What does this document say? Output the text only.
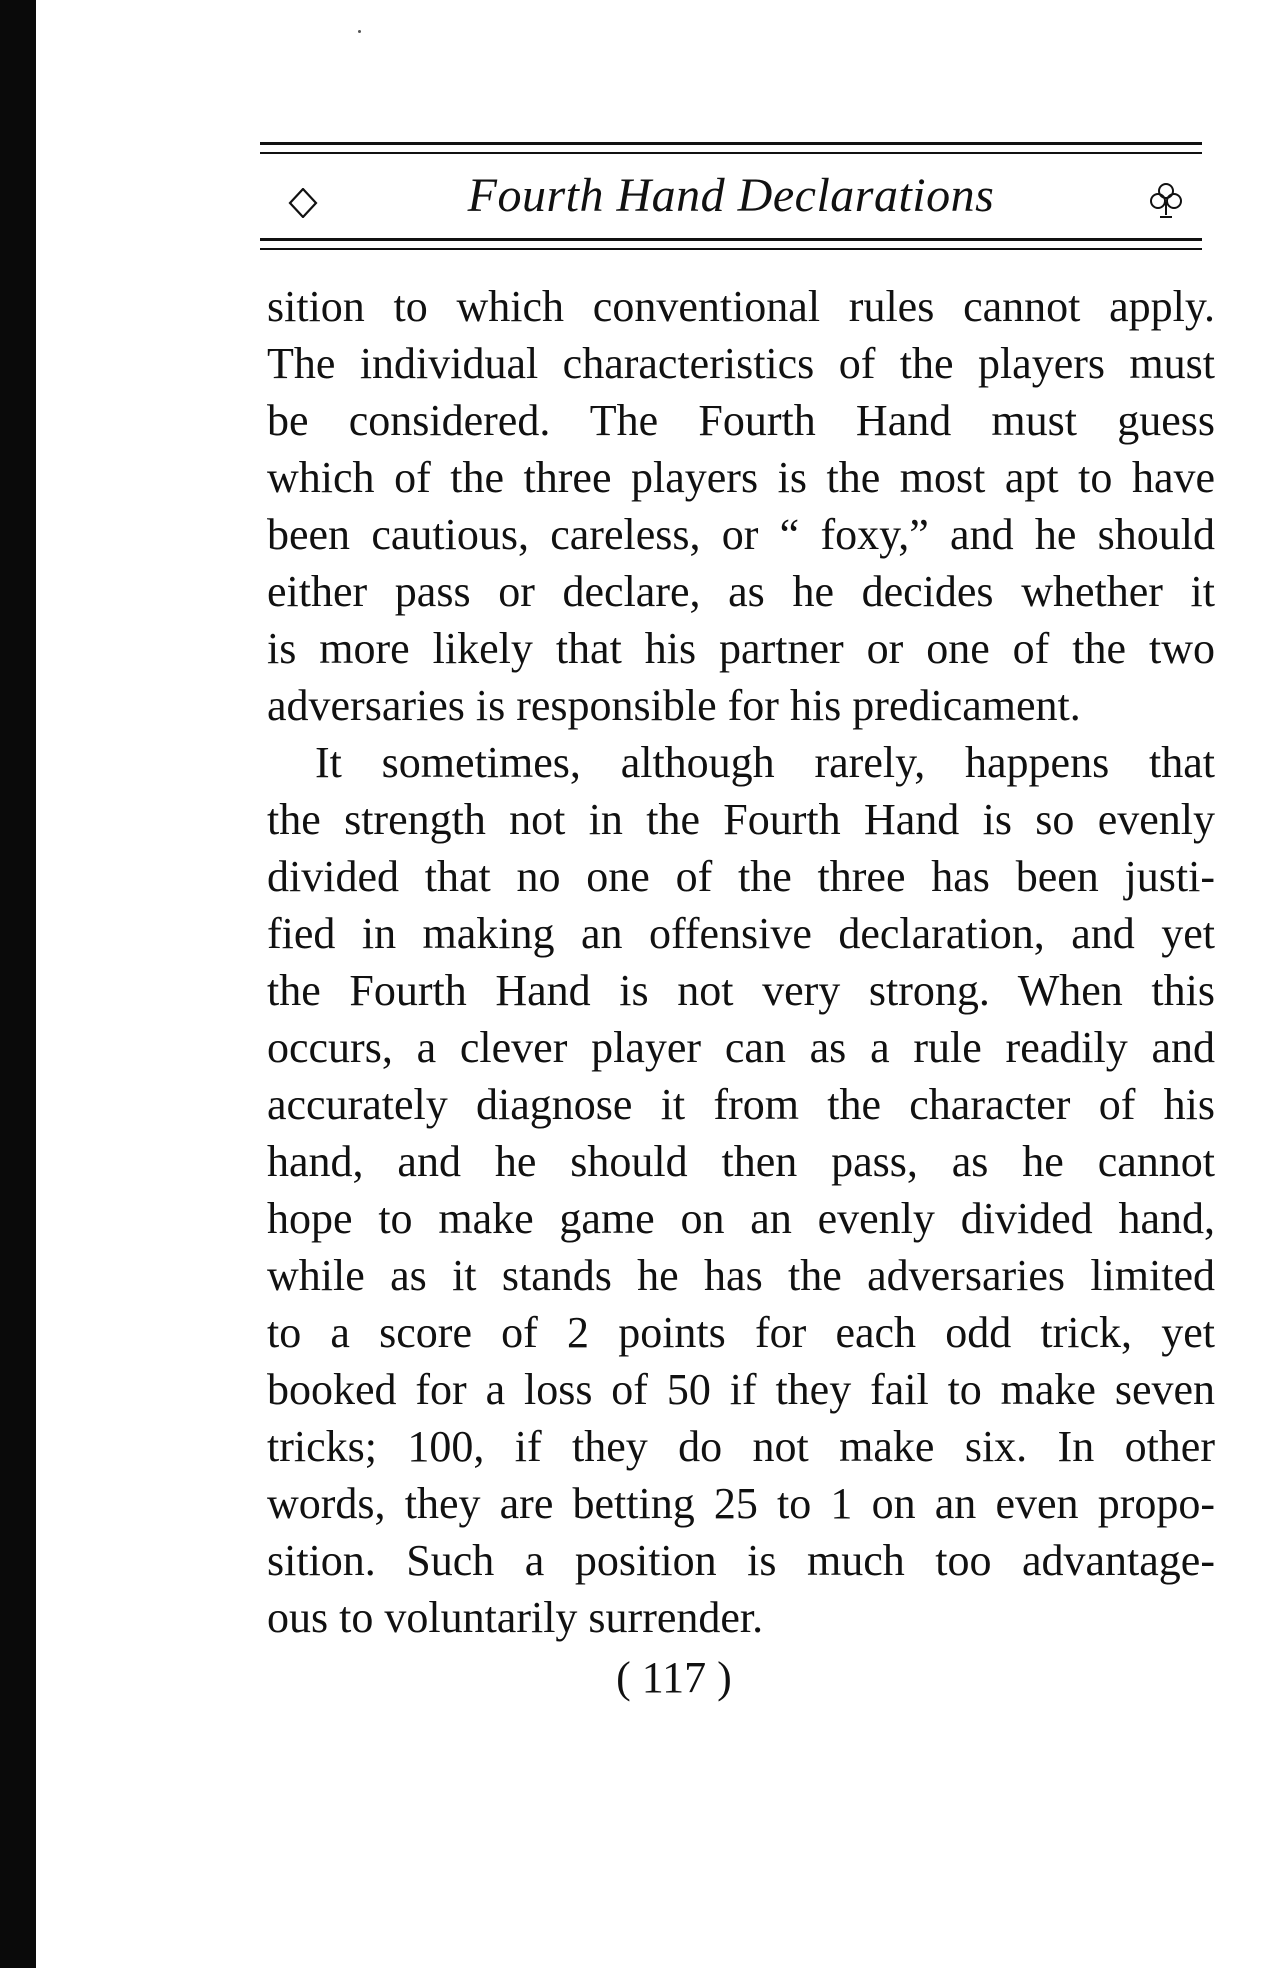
Fourth Hand Declarations
sition to which conventional rules cannot apply.
The individual characteristics of the players must
be considered. The Fourth Hand must guess
which of the three players is the most apt to have
been cautious, careless, or “ foxy,” and he should
either pass or declare, as he decides whether it
is more likely that his partner or one of the two
adversaries is responsible for his predicament.
It sometimes, although rarely, happens that
the strength not in the Fourth Hand is so evenly
divided that no one of the three has been justi-
fied in making an offensive declaration, and yet
the Fourth Hand is not very strong. When this
occurs, a clever player can as a rule readily and
accurately diagnose it from the character of his
hand, and he should then pass, as he cannot
hope to make game on an evenly divided hand,
while as it stands he has the adversaries limited
to a score of 2 points for each odd trick, yet
booked for a loss of 50 if they fail to make seven
tricks; 100, if they do not make six. In other
words, they are betting 25 to 1 on an even propo-
sition. Such a position is much too advantage-
ous to voluntarily surrender.
( 117 )
